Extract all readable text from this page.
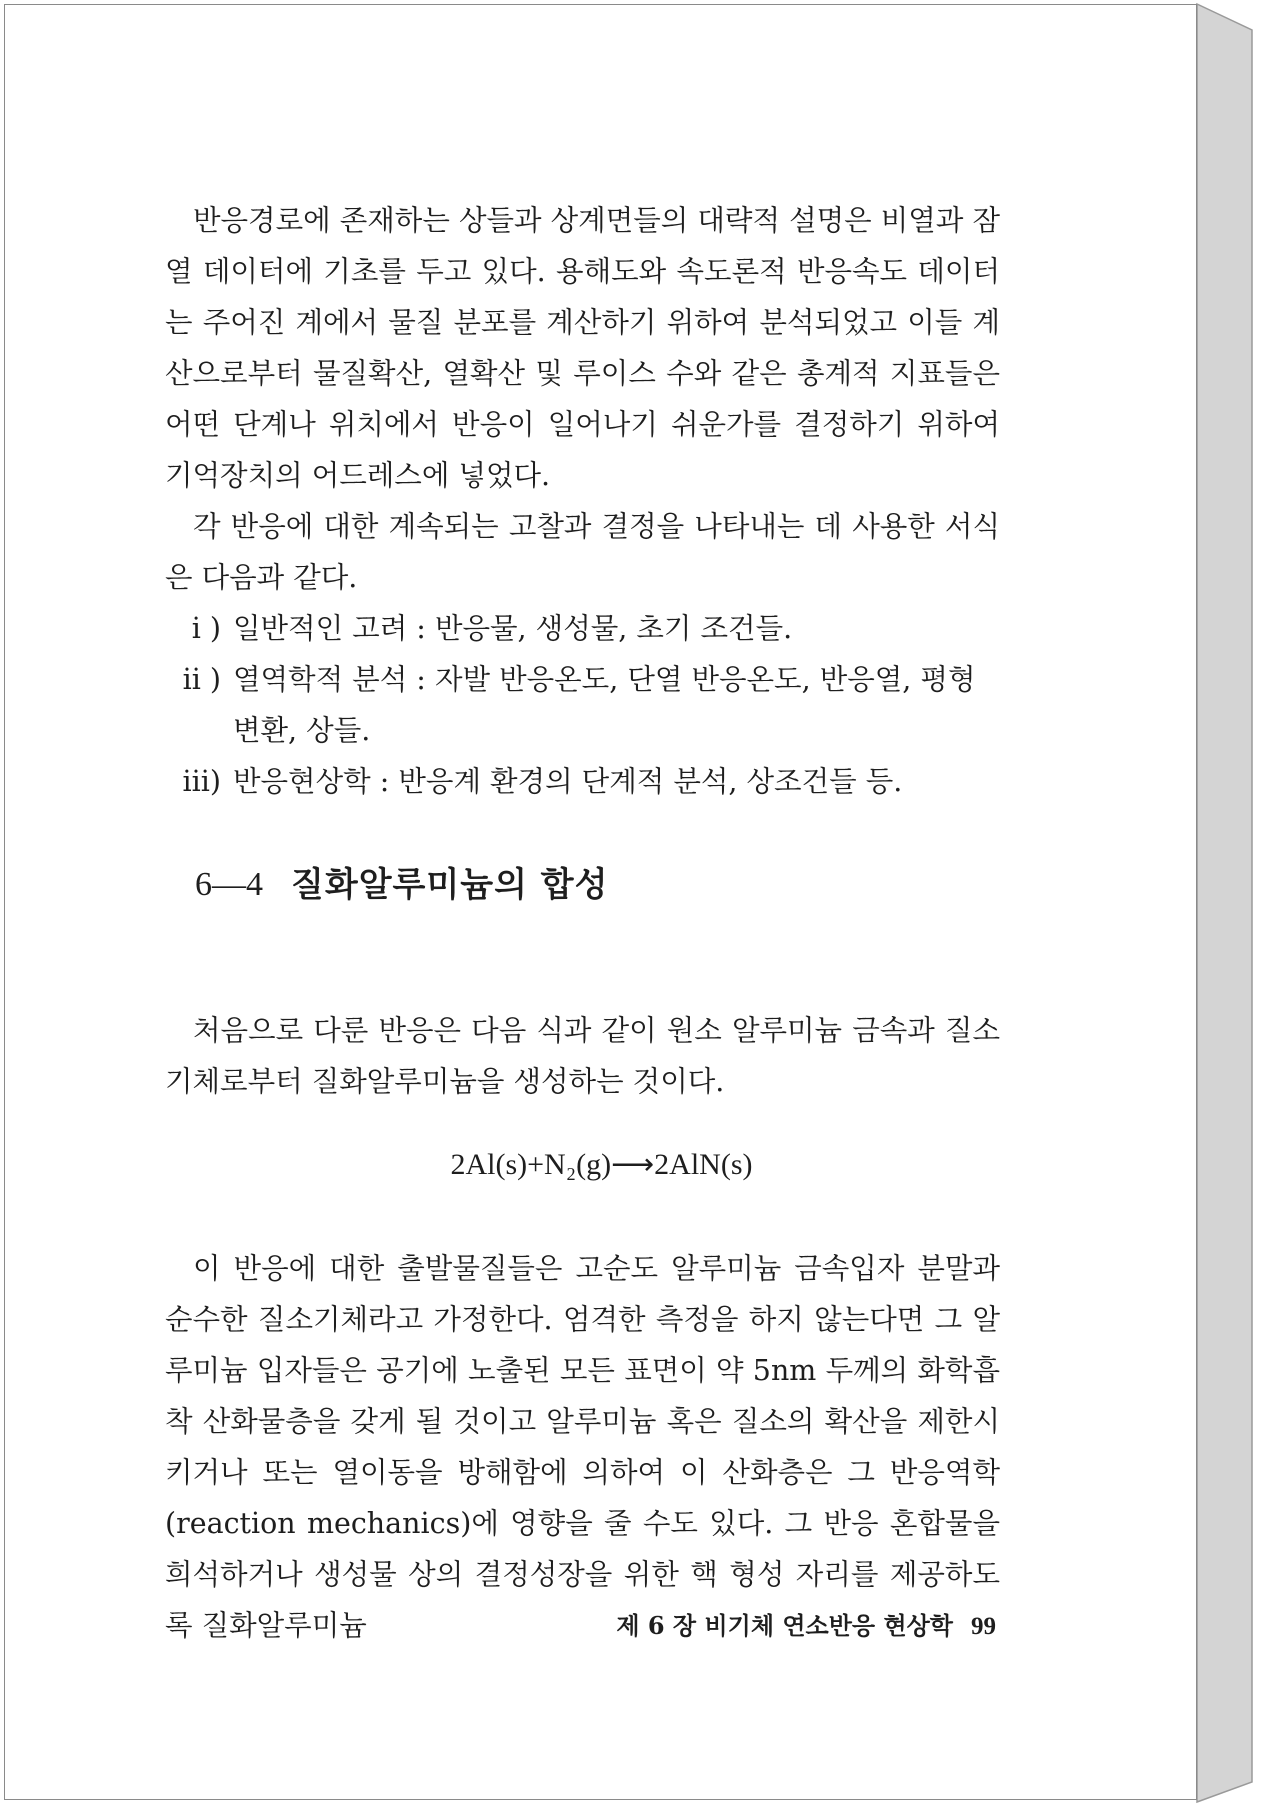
반응경로에 존재하는 상들과 상계면들의 대략적 설명은 비열과 잠열 데이터에 기초를 두고 있다. 용해도와 속도론적 반응속도 데이터는 주어진 계에서 물질 분포를 계산하기 위하여 분석되었고 이들 계산으로부터 물질확산, 열확산 및 루이스 수와 같은 총계적 지표들은 어떤 단계나 위치에서 반응이 일어나기 쉬운가를 결정하기 위하여 기억장치의 어드레스에 넣었다.

각 반응에 대한 계속되는 고찰과 결정을 나타내는 데 사용한 서식은 다음과 같다.

i ) 일반적인 고려 : 반응물, 생성물, 초기 조건들.
ii ) 열역학적 분석 : 자발 반응온도, 단열 반응온도, 반응열, 평형변환, 상들.
iii) 반응현상학 : 반응계 환경의 단계적 분석, 상조건들 등.
6—4 질화알루미늄의 합성

처음으로 다룬 반응은 다음 식과 같이 원소 알루미늄 금속과 질소기체로부터 질화알루미늄을 생성하는 것이다.

2Al(s)+N₂(g)⟶2AlN(s)

이 반응에 대한 출발물질들은 고순도 알루미늄 금속입자 분말과 순수한 질소기체라고 가정한다. 엄격한 측정을 하지 않는다면 그 알루미늄 입자들은 공기에 노출된 모든 표면이 약 5nm 두께의 화학흡착 산화물층을 갖게 될 것이고 알루미늄 혹은 질소의 확산을 제한시키거나 또는 열이동을 방해함에 의하여 이 산화층은 그 반응역학(reaction mechanics)에 영향을 줄 수도 있다. 그 반응 혼합물을 희석하거나 생성물 상의 결정성장을 위한 핵 형성 자리를 제공하도록 질화알루미늄	제 6 장 비기체 연소반응 현상학 99
